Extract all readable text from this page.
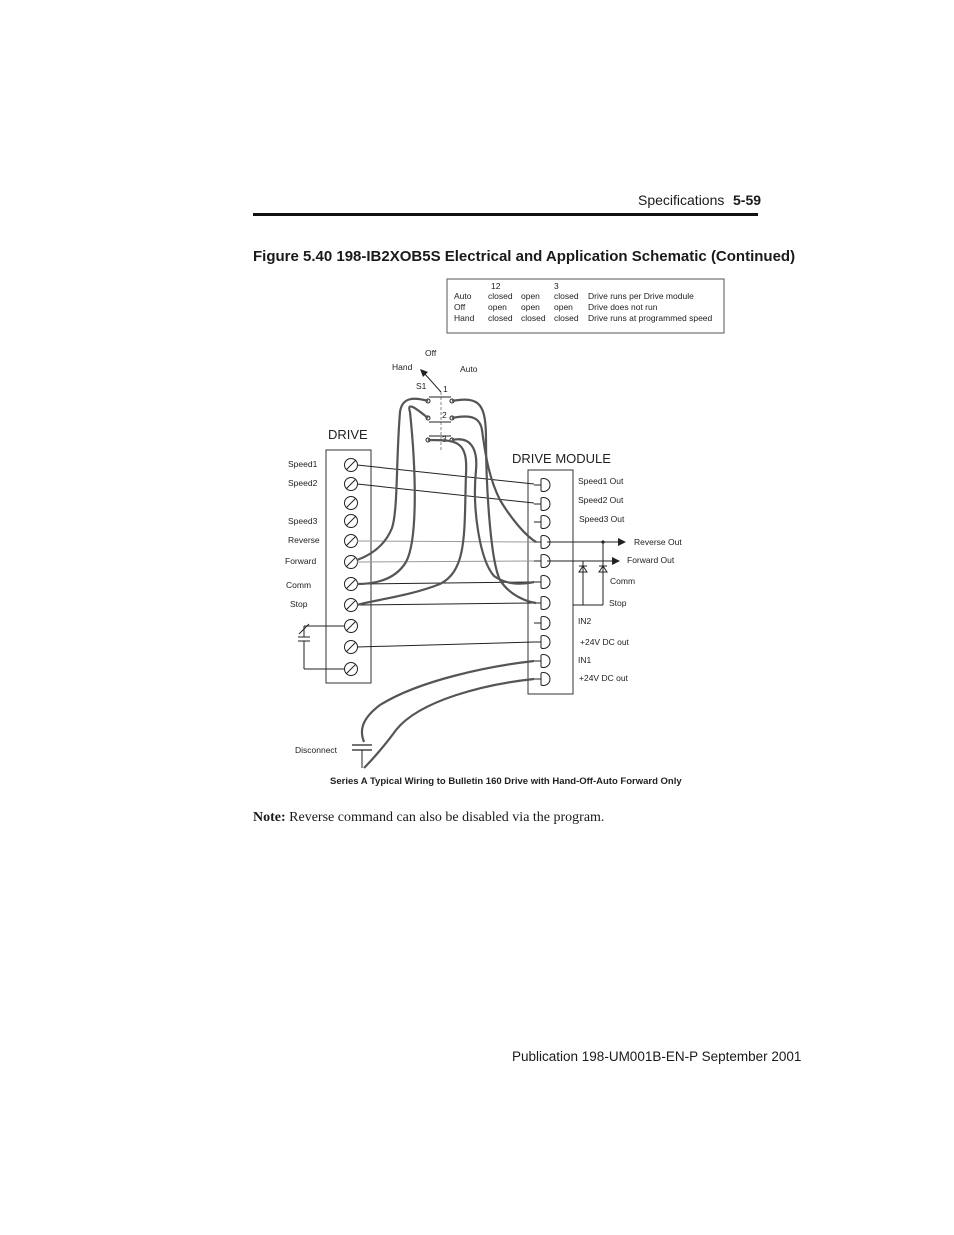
Specifications 5-59
Figure 5.40 198-IB2XOB5S Electrical and Application Schematic (Continued)
12	3
Auto closed open closed Drive runs per Drive module
Off	open open open Drive does not run
Hand closed closed closed Drive runs at programmed speed
Off
Hand	Auto
S1 1
2
3
DRIVE
Speed1
Speed2
Speed3
Reverse
Forward
Comm
Stop
DRIVE MODULE
Speed1 Out
Speed2 Out
Speed3 Out
Reverse Out
Forward Out
Comm
Stop
IN2
+24V DC out
IN1
+24V DC out
Disconnect
Series A Typical Wiring to Bulletin 160 Drive with Hand-Off-Auto Forward Only
Note: Reverse command can also be disabled via the program.
Publication 198-UM001B-EN-P September 2001
